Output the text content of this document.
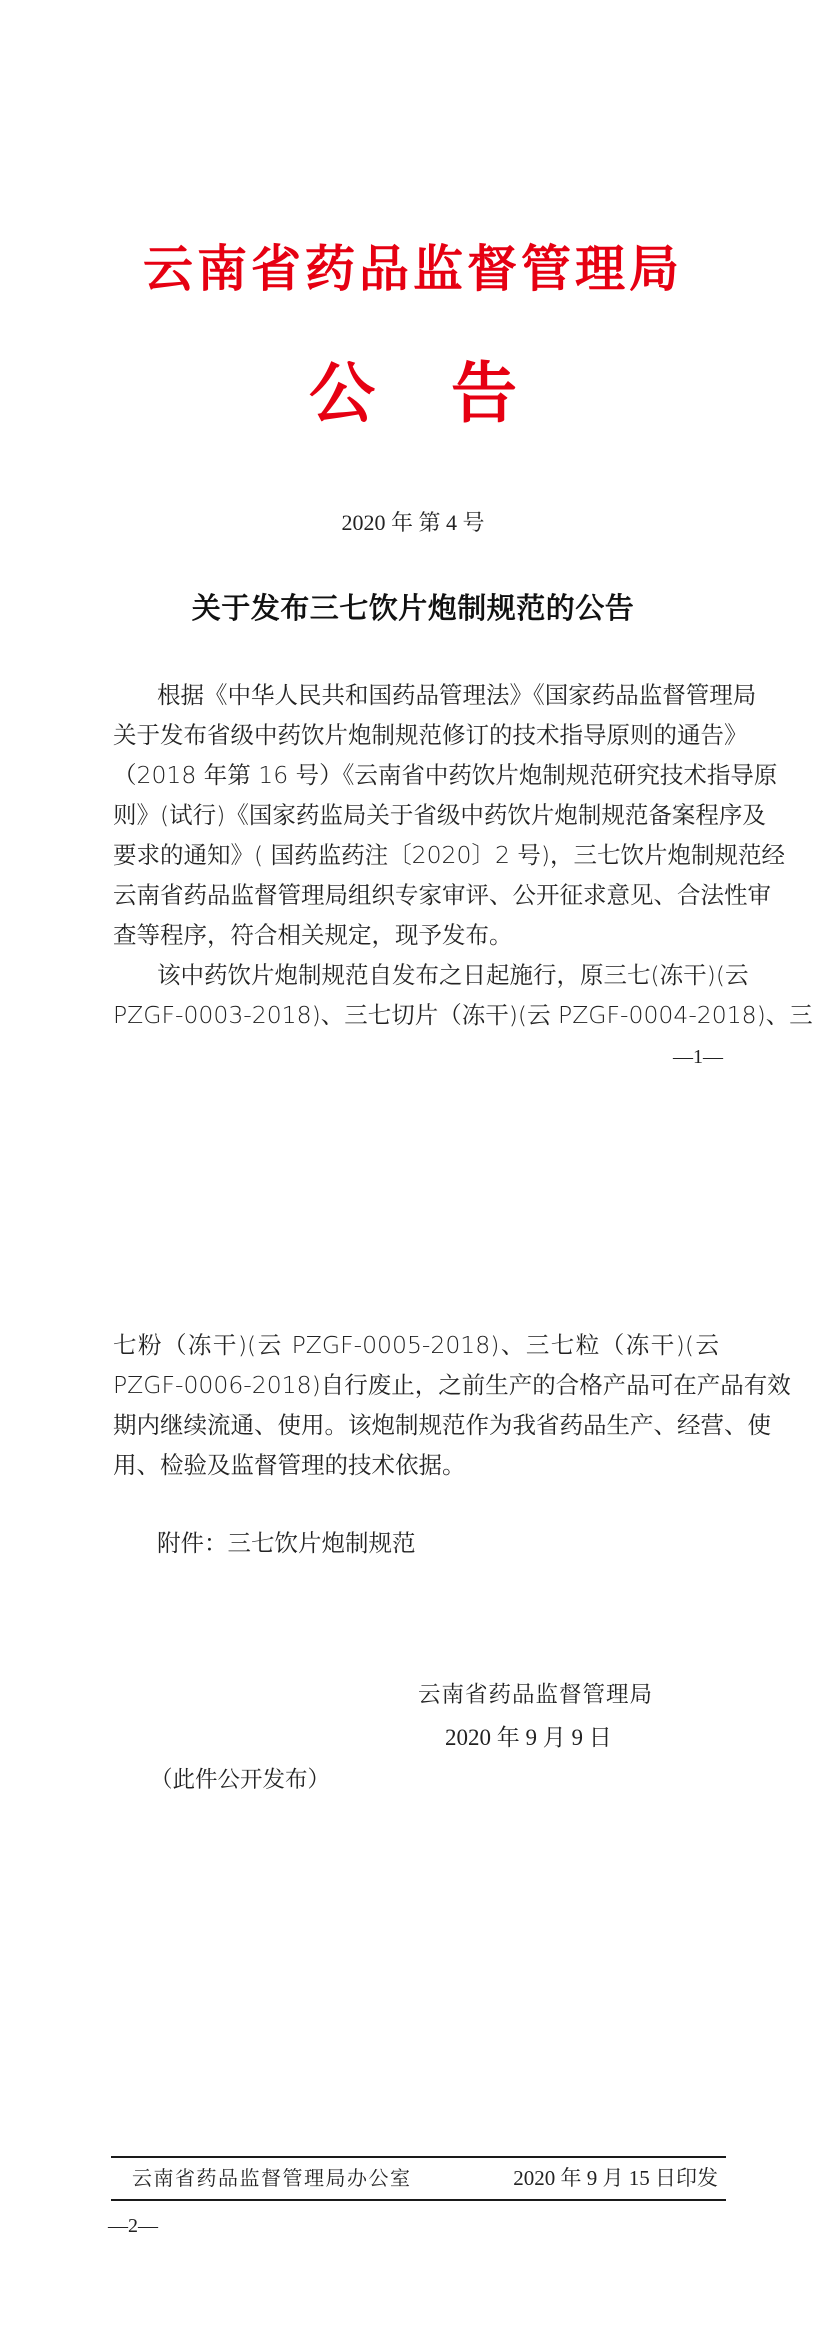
云南省药品监督管理局
公 告
2020 年 第 4 号
关于发布三七饮片炮制规范的公告
根据《中华人民共和国药品管理法》《国家药品监督管理局
关于发布省级中药饮片炮制规范修订的技术指导原则的通告》
（2018 年第 16 号）《云南省中药饮片炮制规范研究技术指导原
则》(试行)《国家药监局关于省级中药饮片炮制规范备案程序及
要求的通知》( 国药监药注〔2020〕2 号)，三七饮片炮制规范经
云南省药品监督管理局组织专家审评、公开征求意见、合法性审
查等程序，符合相关规定，现予发布。
该中药饮片炮制规范自发布之日起施行，原三七(冻干)(云
PZGF-0003-2018)、三七切片（冻干)(云 PZGF-0004-2018)、三
—1—
七粉（冻干)(云 PZGF-0005-2018)、三七粒（冻干)(云
PZGF-0006-2018)自行废止，之前生产的合格产品可在产品有效
期内继续流通、使用。该炮制规范作为我省药品生产、经营、使
用、检验及监督管理的技术依据。
附件：三七饮片炮制规范
云南省药品监督管理局
2020 年 9 月 9 日
（此件公开发布）
云南省药品监督管理局办公室	2020 年 9 月 15 日印发
—2—
